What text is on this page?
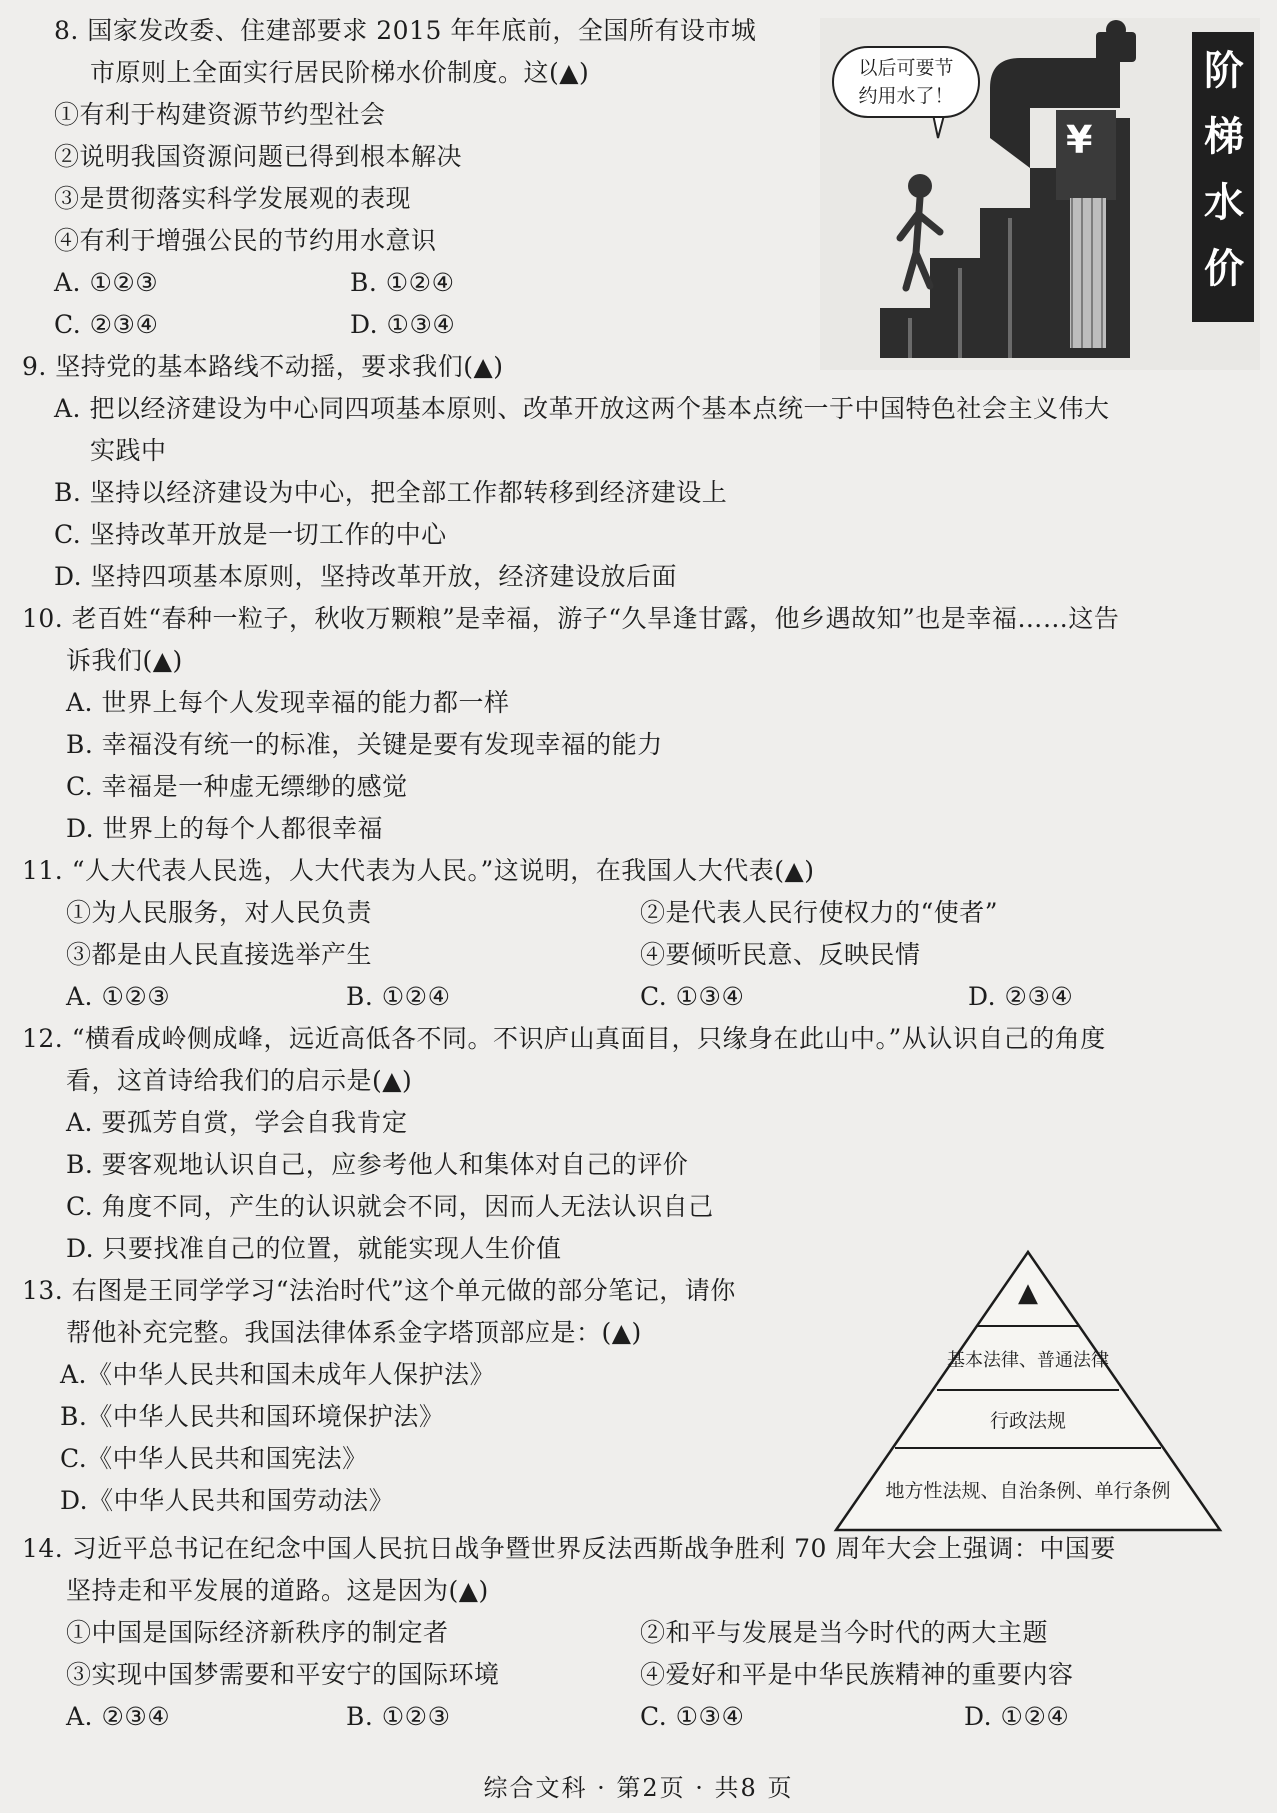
8. 国家发改委、住建部要求 2015 年年底前，全国所有设市城
市原则上全面实行居民阶梯水价制度。这(▲)
①有利于构建资源节约型社会
②说明我国资源问题已得到根本解决
③是贯彻落实科学发展观的表现
④有利于增强公民的节约用水意识
A. ①②③	B. ①②④
C. ②③④	D. ①③④
以后可要节
约用水了！
¥
阶
梯
水
价
9. 坚持党的基本路线不动摇，要求我们(▲)
A. 把以经济建设为中心同四项基本原则、改革开放这两个基本点统一于中国特色社会主义伟大
实践中
B. 坚持以经济建设为中心，把全部工作都转移到经济建设上
C. 坚持改革开放是一切工作的中心
D. 坚持四项基本原则，坚持改革开放，经济建设放后面
10. 老百姓“春种一粒子，秋收万颗粮”是幸福，游子“久旱逢甘露，他乡遇故知”也是幸福……这告
诉我们(▲)
A. 世界上每个人发现幸福的能力都一样
B. 幸福没有统一的标准，关键是要有发现幸福的能力
C. 幸福是一种虚无缥缈的感觉
D. 世界上的每个人都很幸福
11. “人大代表人民选，人大代表为人民。”这说明，在我国人大代表(▲)
①为人民服务，对人民负责	②是代表人民行使权力的“使者”
③都是由人民直接选举产生	④要倾听民意、反映民情
A. ①②③	B. ①②④	C. ①③④	D. ②③④
12. “横看成岭侧成峰，远近高低各不同。不识庐山真面目，只缘身在此山中。”从认识自己的角度
看，这首诗给我们的启示是(▲)
A. 要孤芳自赏，学会自我肯定
B. 要客观地认识自己，应参考他人和集体对自己的评价
C. 角度不同，产生的认识就会不同，因而人无法认识自己
D. 只要找准自己的位置，就能实现人生价值
13. 右图是王同学学习“法治时代”这个单元做的部分笔记，请你
帮他补充完整。我国法律体系金字塔顶部应是：(▲)
A.《中华人民共和国未成年人保护法》
B.《中华人民共和国环境保护法》
C.《中华人民共和国宪法》
D.《中华人民共和国劳动法》
▲
基本法律、普通法律
行政法规
地方性法规、自治条例、单行条例
14. 习近平总书记在纪念中国人民抗日战争暨世界反法西斯战争胜利 70 周年大会上强调：中国要
坚持走和平发展的道路。这是因为(▲)
①中国是国际经济新秩序的制定者	②和平与发展是当今时代的两大主题
③实现中国梦需要和平安宁的国际环境	④爱好和平是中华民族精神的重要内容
A. ②③④	B. ①②③	C. ①③④	D. ①②④
综合文科 · 第2页 · 共8 页
